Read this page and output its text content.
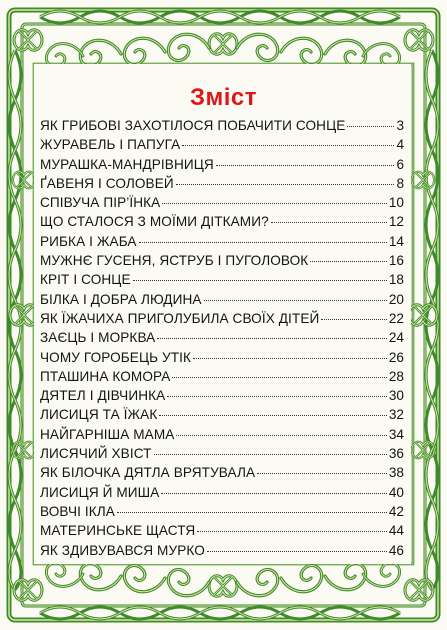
Зміст
ЯК ГРИБОВІ ЗАХОТІЛОСЯ ПОБАЧИТИ СОНЦЕ	3
ЖУРАВЕЛЬ І ПАПУГА	4
МУРАШКА-МАНДРІВНИЦЯ	6
ҐАВЕНЯ І СОЛОВЕЙ	8
СПІВУЧА ПІР’ЇНКА	10
ЩО СТАЛОСЯ З МОЇМИ ДІТКАМИ?	12
РИБКА І ЖАБА	14
МУЖНЄ ГУСЕНЯ, ЯСТРУБ І ПУГОЛОВОК	16
КРІТ І СОНЦЕ	18
БІЛКА І ДОБРА ЛЮДИНА	20
ЯК ЇЖАЧИХА ПРИГОЛУБИЛА СВОЇХ ДІТЕЙ	22
ЗАЄЦЬ І МОРКВА	24
ЧОМУ ГОРОБЕЦЬ УТІК	26
ПТАШИНА КОМОРА	28
ДЯТЕЛ І ДІВЧИНКА	30
ЛИСИЦЯ ТА ЇЖАК	32
НАЙГАРНІША МАМА	34
ЛИСЯЧИЙ ХВІСТ	36
ЯК БІЛОЧКА ДЯТЛА ВРЯТУВАЛА	38
ЛИСИЦЯ Й МИША	40
ВОВЧІ ІКЛА	42
МАТЕРИНСЬКЕ ЩАСТЯ	44
ЯК ЗДИВУВАВСЯ МУРКО	46
